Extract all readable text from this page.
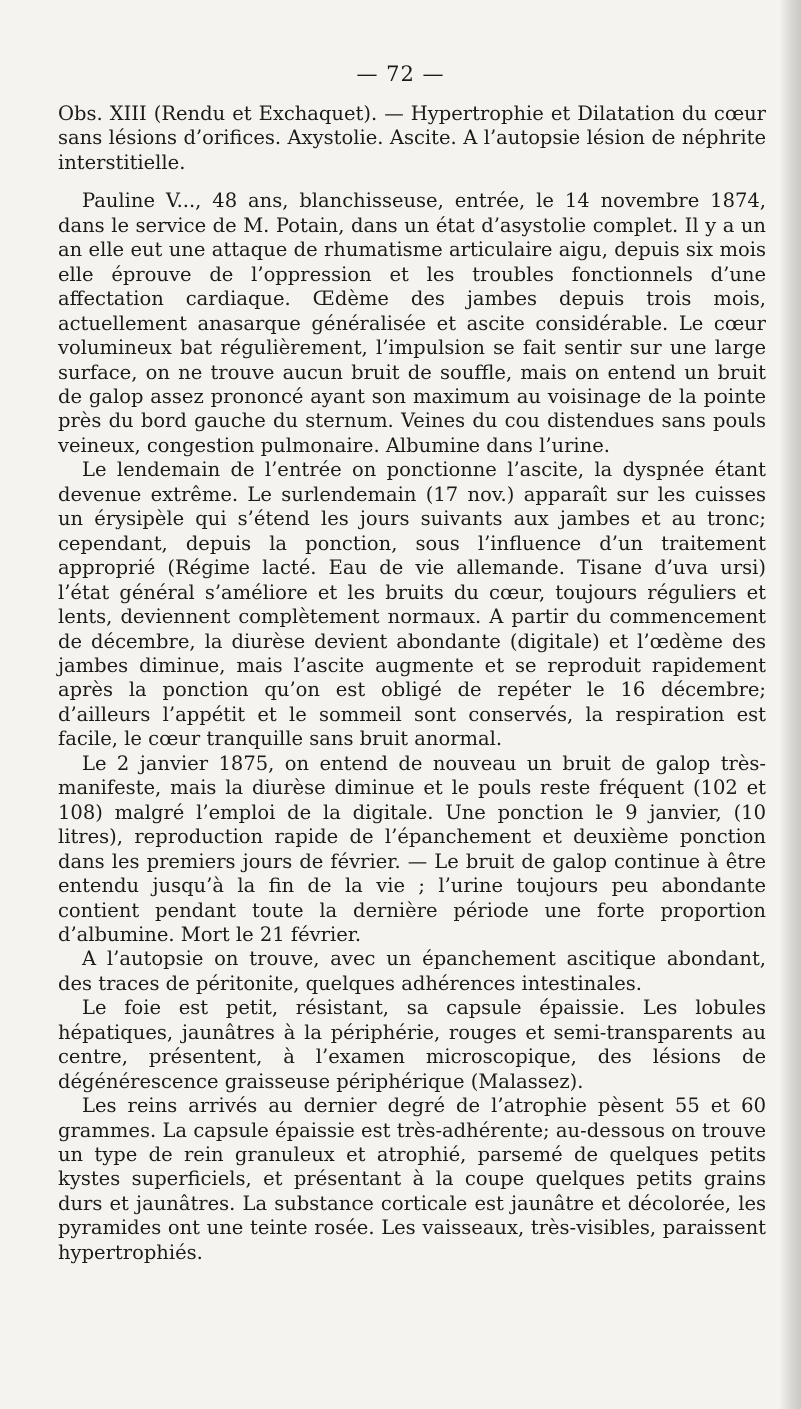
— 72 —

Obs. XIII (Rendu et Exchaquet). — Hypertrophie et Dilatation du cœur sans lésions d’orifices. Axystolie. Ascite. A l’autopsie lésion de néphrite interstitielle.

Pauline V..., 48 ans, blanchisseuse, entrée, le 14 novembre 1874, dans le service de M. Potain, dans un état d’asystolie complet. Il y a un an elle eut une attaque de rhumatisme articulaire aigu, depuis six mois elle éprouve de l’oppression et les troubles fonctionnels d’une affectation cardiaque. Œdème des jambes depuis trois mois, actuellement anasarque généralisée et ascite considérable. Le cœur volumineux bat régulièrement, l’impulsion se fait sentir sur une large surface, on ne trouve aucun bruit de souffle, mais on entend un bruit de galop assez prononcé ayant son maximum au voisinage de la pointe près du bord gauche du sternum. Veines du cou distendues sans pouls veineux, congestion pulmonaire. Albumine dans l’urine.

Le lendemain de l’entrée on ponctionne l’ascite, la dyspnée étant devenue extrême. Le surlendemain (17 nov.) apparaît sur les cuisses un érysipèle qui s’étend les jours suivants aux jambes et au tronc; cependant, depuis la ponction, sous l’influence d’un traitement approprié (Régime lacté. Eau de vie allemande. Tisane d’uva ursi) l’état général s’améliore et les bruits du cœur, toujours réguliers et lents, deviennent complètement normaux. A partir du commencement de décembre, la diurèse devient abondante (digitale) et l’œdème des jambes diminue, mais l’ascite augmente et se reproduit rapidement après la ponction qu’on est obligé de repéter le 16 décembre; d’ailleurs l’appétit et le sommeil sont conservés, la respiration est facile, le cœur tranquille sans bruit anormal.

Le 2 janvier 1875, on entend de nouveau un bruit de galop très-manifeste, mais la diurèse diminue et le pouls reste fréquent (102 et 108) malgré l’emploi de la digitale. Une ponction le 9 janvier, (10 litres), reproduction rapide de l’épanchement et deuxième ponction dans les premiers jours de février. — Le bruit de galop continue à être entendu jusqu’à la fin de la vie ; l’urine toujours peu abondante contient pendant toute la dernière période une forte proportion d’albumine. Mort le 21 février.

A l’autopsie on trouve, avec un épanchement ascitique abondant, des traces de péritonite, quelques adhérences intestinales.

Le foie est petit, résistant, sa capsule épaissie. Les lobules hépatiques, jaunâtres à la périphérie, rouges et semi-transparents au centre, présentent, à l’examen microscopique, des lésions de dégénérescence graisseuse périphérique (Malassez).

Les reins arrivés au dernier degré de l’atrophie pèsent 55 et 60 grammes. La capsule épaissie est très-adhérente; au-dessous on trouve un type de rein granuleux et atrophié, parsemé de quelques petits kystes superficiels, et présentant à la coupe quelques petits grains durs et jaunâtres. La substance corticale est jaunâtre et décolorée, les pyramides ont une teinte rosée. Les vaisseaux, très-visibles, paraissent hypertrophiés.
